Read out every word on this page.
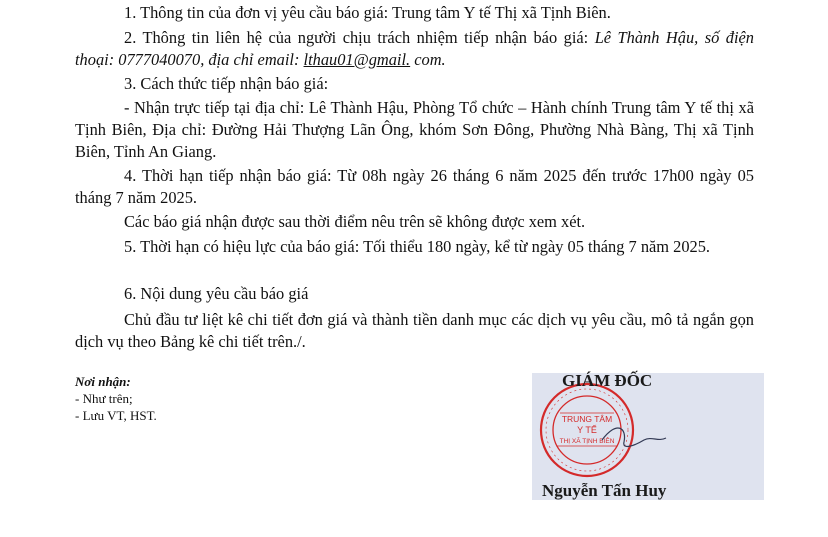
1. Thông tin của đơn vị yêu cầu báo giá: Trung tâm Y tế Thị xã Tịnh Biên.

2. Thông tin liên hệ của người chịu trách nhiệm tiếp nhận báo giá: Lê Thành Hậu, số điện thoại: 0777040070, địa chỉ email: lthau01@gmail. com.

3. Cách thức tiếp nhận báo giá:

- Nhận trực tiếp tại địa chỉ: Lê Thành Hậu, Phòng Tổ chức – Hành chính Trung tâm Y tế thị xã Tịnh Biên, Địa chỉ: Đường Hải Thượng Lãn Ông, khóm Sơn Đông, Phường Nhà Bàng, Thị xã Tịnh Biên, Tỉnh An Giang.

4. Thời hạn tiếp nhận báo giá: Từ 08h ngày 26 tháng 6 năm 2025 đến trước 17h00 ngày 05 tháng 7 năm 2025.

Các báo giá nhận được sau thời điểm nêu trên sẽ không được xem xét.

5. Thời hạn có hiệu lực của báo giá: Tối thiểu 180 ngày, kể từ ngày 05 tháng 7 năm 2025.

6. Nội dung yêu cầu báo giá

Chủ đầu tư liệt kê chi tiết đơn giá và thành tiền danh mục các dịch vụ yêu cầu, mô tả ngắn gọn dịch vụ theo Bảng kê chi tiết trên./.

Nơi nhận:
- Như trên;
- Lưu VT, HST.	TRUNG TÂM
Y TẾ
THỊ XÃ TỊNH BIÊN
GIÁM ĐỐC
Nguyễn Tấn Huy
